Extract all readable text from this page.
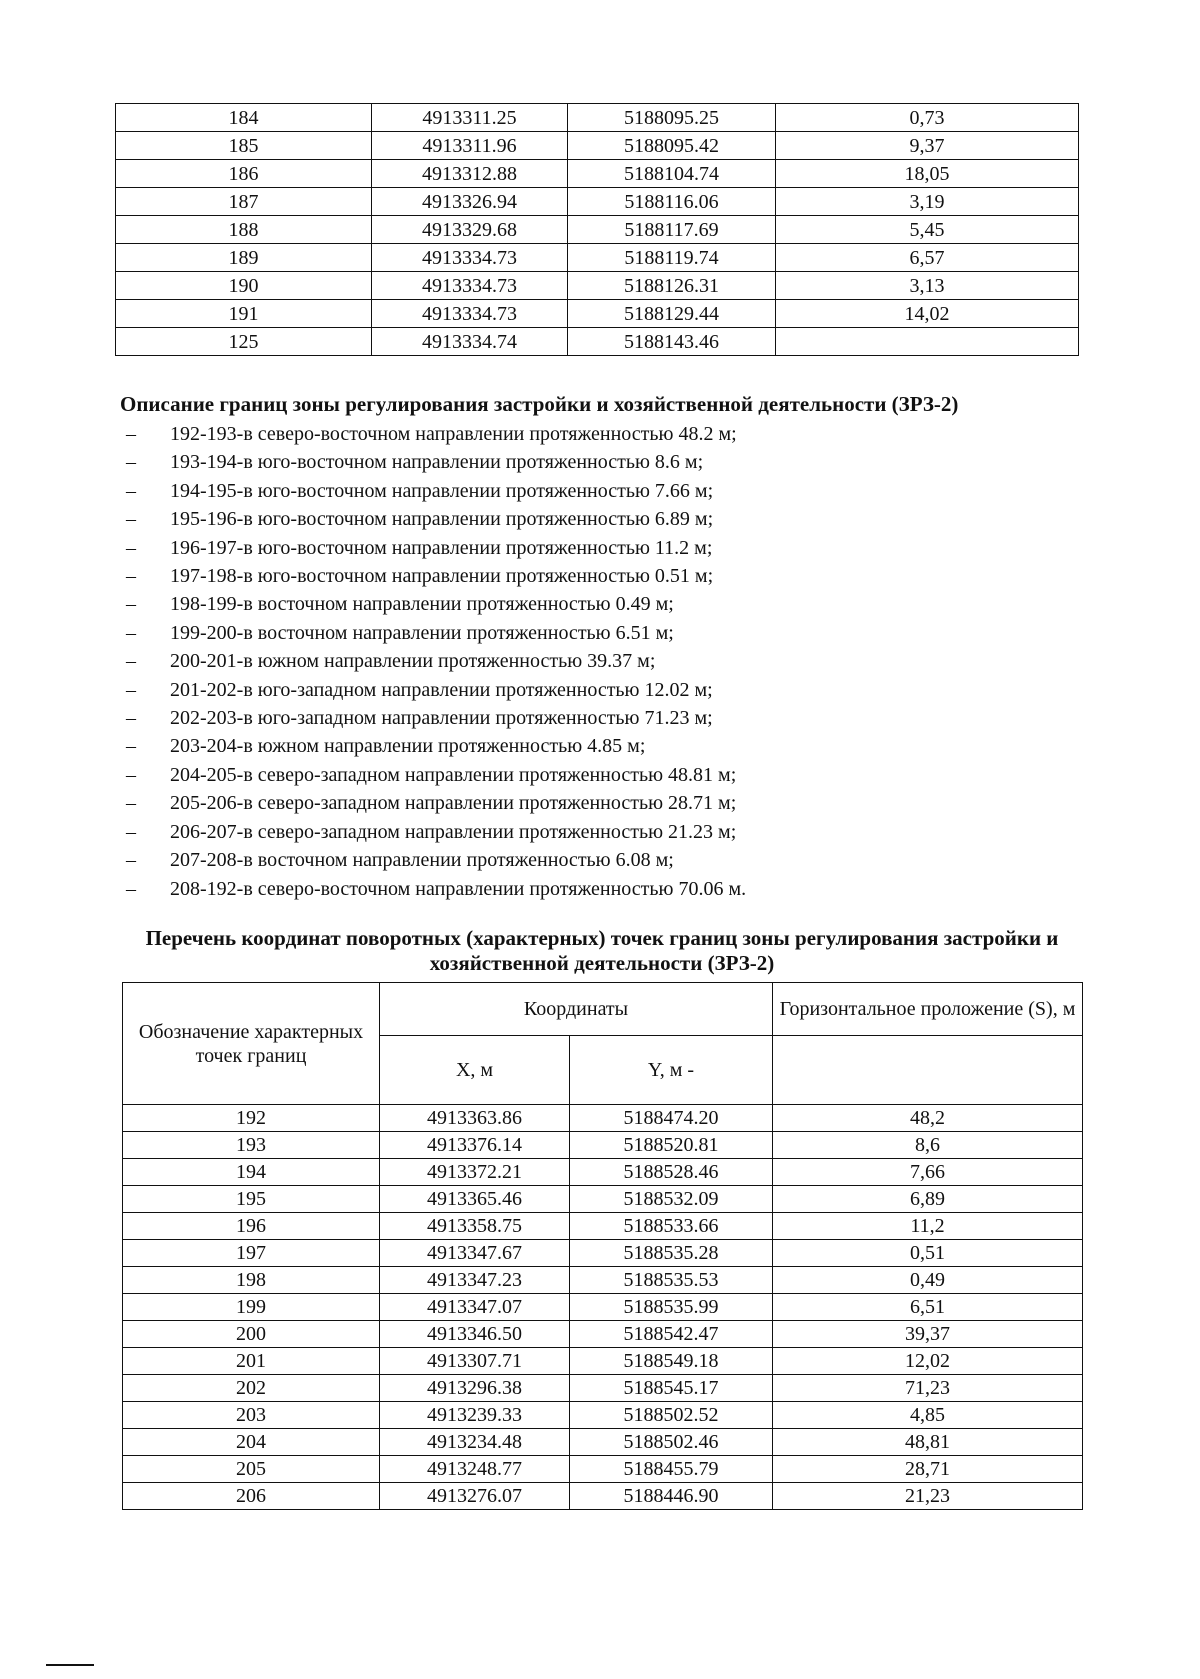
184	4913311.25	5188095.25	0,73
185	4913311.96	5188095.42	9,37
186	4913312.88	5188104.74	18,05
187	4913326.94	5188116.06	3,19
188	4913329.68	5188117.69	5,45
189	4913334.73	5188119.74	6,57
190	4913334.73	5188126.31	3,13
191	4913334.73	5188129.44	14,02
125	4913334.74	5188143.46	
Описание границ зоны регулирования застройки и хозяйственной деятельности (ЗРЗ-2)
– 192-193-в северо-восточном направлении протяженностью 48.2 м;
– 193-194-в юго-восточном направлении протяженностью 8.6 м;
– 194-195-в юго-восточном направлении протяженностью 7.66 м;
– 195-196-в юго-восточном направлении протяженностью 6.89 м;
– 196-197-в юго-восточном направлении протяженностью 11.2 м;
– 197-198-в юго-восточном направлении протяженностью 0.51 м;
– 198-199-в восточном направлении протяженностью 0.49 м;
– 199-200-в восточном направлении протяженностью 6.51 м;
– 200-201-в южном направлении протяженностью 39.37 м;
– 201-202-в юго-западном направлении протяженностью 12.02 м;
– 202-203-в юго-западном направлении протяженностью 71.23 м;
– 203-204-в южном направлении протяженностью 4.85 м;
– 204-205-в северо-западном направлении протяженностью 48.81 м;
– 205-206-в северо-западном направлении протяженностью 28.71 м;
– 206-207-в северо-западном направлении протяженностью 21.23 м;
– 207-208-в восточном направлении протяженностью 6.08 м;
– 208-192-в северо-восточном направлении протяженностью 70.06 м.
Перечень координат поворотных (характерных) точек границ зоны регулирования застройки и хозяйственной деятельности (ЗРЗ-2)
Обозначение характерных точек границ	Координаты		Горизонтальное проложение (S), м
	X, м	Y, м -	
192	4913363.86	5188474.20	48,2
193	4913376.14	5188520.81	8,6
194	4913372.21	5188528.46	7,66
195	4913365.46	5188532.09	6,89
196	4913358.75	5188533.66	11,2
197	4913347.67	5188535.28	0,51
198	4913347.23	5188535.53	0,49
199	4913347.07	5188535.99	6,51
200	4913346.50	5188542.47	39,37
201	4913307.71	5188549.18	12,02
202	4913296.38	5188545.17	71,23
203	4913239.33	5188502.52	4,85
204	4913234.48	5188502.46	48,81
205	4913248.77	5188455.79	28,71
206	4913276.07	5188446.90	21,23
